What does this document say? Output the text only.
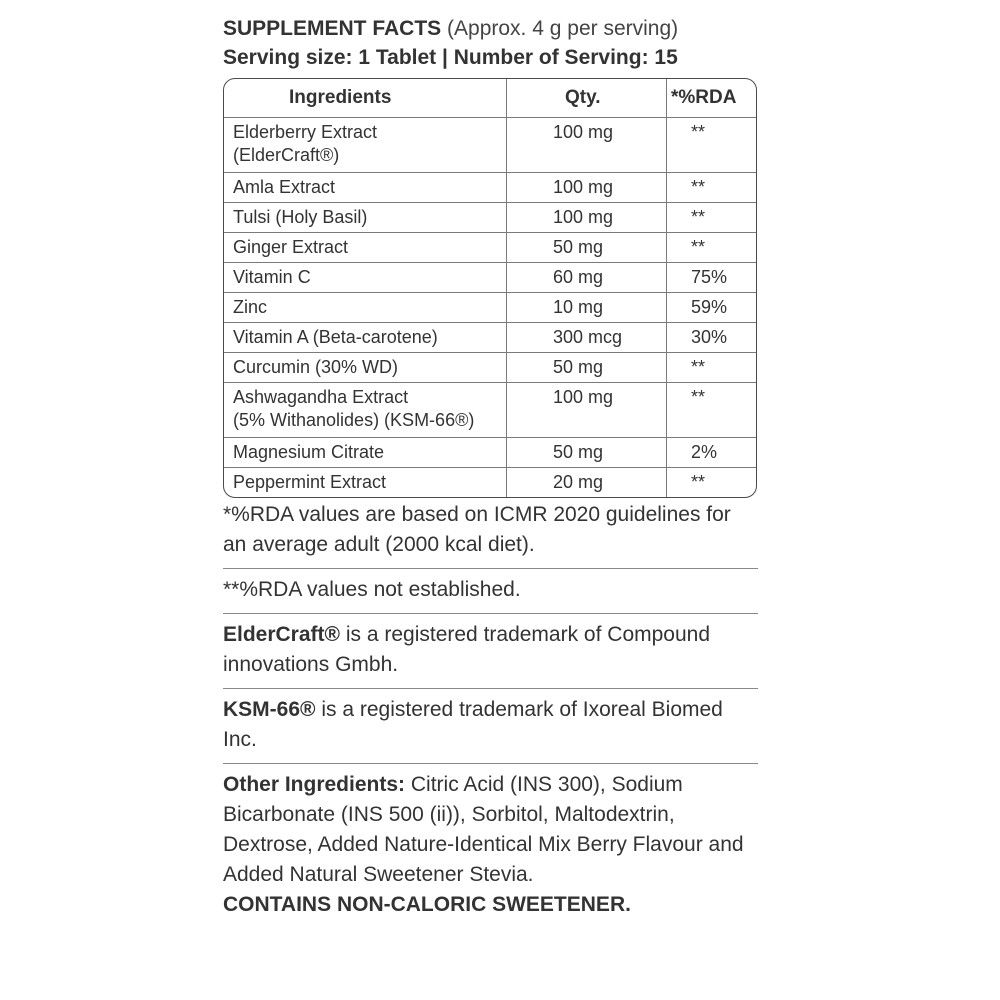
SUPPLEMENT FACTS (Approx. 4 g per serving)
Serving size: 1 Tablet | Number of Serving: 15
Ingredients	Qty.	*%RDA
Elderberry Extract
(ElderCraft®)
100 mg	**
Amla Extract	100 mg	**
Tulsi (Holy Basil)	100 mg	**
Ginger Extract	50 mg	**
Vitamin C	60 mg	75%
Zinc	10 mg	59%
Vitamin A (Beta-carotene)	300 mcg	30%
Curcumin (30% WD)	50 mg	**
Ashwagandha Extract
(5% Withanolides) (KSM-66®)
100 mg	**
Magnesium Citrate	50 mg	2%
Peppermint Extract	20 mg	**
*%RDA values are based on ICMR 2020 guidelines for an average adult (2000 kcal diet).
**%RDA values not established.
ElderCraft® is a registered trademark of Compound innovations Gmbh.
KSM-66® is a registered trademark of Ixoreal Biomed Inc.
Other Ingredients: Citric Acid (INS 300), Sodium Bicarbonate (INS 500 (ii)), Sorbitol, Maltodextrin, Dextrose, Added Nature-Identical Mix Berry Flavour and Added Natural Sweetener Stevia.
CONTAINS NON-CALORIC SWEETENER.
